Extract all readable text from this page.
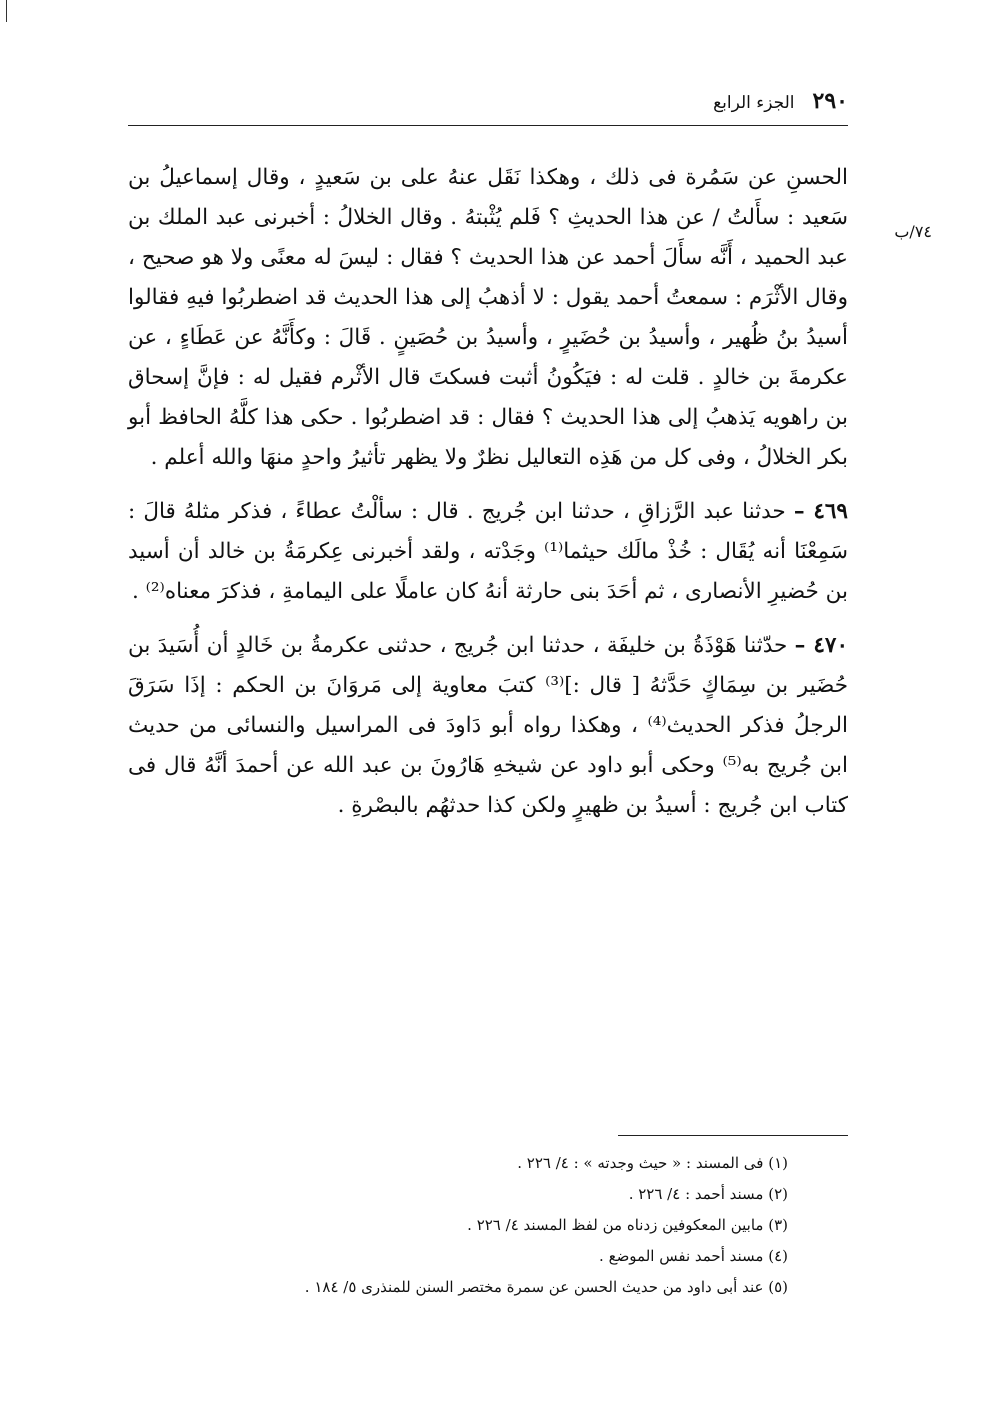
٢٩٠
الجزء الرابع
٧٤/ب

الحسنِ عن سَمُرة فى ذلك ، وهكذا نَقَل عنهُ على بن سَعيدٍ ، وقال إسماعيلُ بن سَعيد : سأَلتُ / عن هذا الحديثِ ؟ فَلم يُثْبتهُ . وقال الخلالُ : أخبرنى عبد الملك بن عبد الحميد ، أَنَّه سأَلَ أحمد عن هذا الحديث ؟ فقال : ليسَ له معنًى ولا هو صحيح ، وقال الأثْرَم : سمعتُ أحمد يقول : لا أذهبُ إلى هذا الحديث قد اضطربُوا فيهِ فقالوا أسيدُ بنُ ظُهير ، وأسيدُ بن حُضَيرٍ ، وأسيدُ بن حُصَينٍ . قَالَ : وكأَنَّهُ عن عَطَاءٍ ، عن عكرمةَ بن خالدٍ . قلت له : فيَكُونُ أثبت فسكتَ قال الأثْرم فقيل له : فإنَّ إسحاق بن راهويه يَذهبُ إلى هذا الحديث ؟ فقال : قد اضطربُوا . حكى هذا كلَّهُ الحافظ أبو بكر الخلالُ ، وفى كل من هَذِه التعاليل نظرٌ ولا يظهر تأثيرُ واحدٍ منهَا والله أعلم .

٤٦٩ – حدثنا عبد الرَّزاقِ ، حدثنا ابن جُريج . قال : سألْتُ عطاءً ، فذكر مثلهُ قالَ : سَمِعْنَا أنه يُقَال : خُذْ مالَك حيثما⁽¹⁾ وجَدْته ، ولقد أخبرنى عِكرمَةُ بن خالد أن أسيد بن حُضيرِ الأنصارى ، ثم أحَدَ بنى حارثة أنهُ كان عاملًا على اليمامةِ ، فذكرَ معناه⁽²⁾ .

٤٧٠ – حدّثنا هَوْذَةُ بن خليفَة ، حدثنا ابن جُريج ، حدثنى عكرمةُ بن خَالدٍ أن أُسَيدَ بن حُضَير بن سِمَاكٍ حَدَّثهُ [ قال :]⁽³⁾ كتبَ معاوية إلى مَروَانَ بن الحكم : إذَا سَرَقَ الرجلُ فذكر الحديث⁽⁴⁾ ، وهكذا رواه أبو دَاودَ فى المراسيل والنسائى من حديث ابن جُريج به⁽⁵⁾ وحكى أبو داود عن شيخهِ هَارُونَ بن عبد الله عن أحمدَ أنَّهُ قال فى كتاب ابن جُريج : أسيدُ بن ظهيرٍ ولكن كذا حدثهُم بالبصْرةِ .

(١) فى المسند : « حيث وجدته » : ٤/ ٢٢٦ .
(٢) مسند أحمد : ٤/ ٢٢٦ .
(٣) مابين المعكوفين زدناه من لفظ المسند ٤/ ٢٢٦ .
(٤) مسند أحمد نفس الموضع .
(٥) عند أبى داود من حديث الحسن عن سمرة مختصر السنن للمنذرى ٥/ ١٨٤ .
